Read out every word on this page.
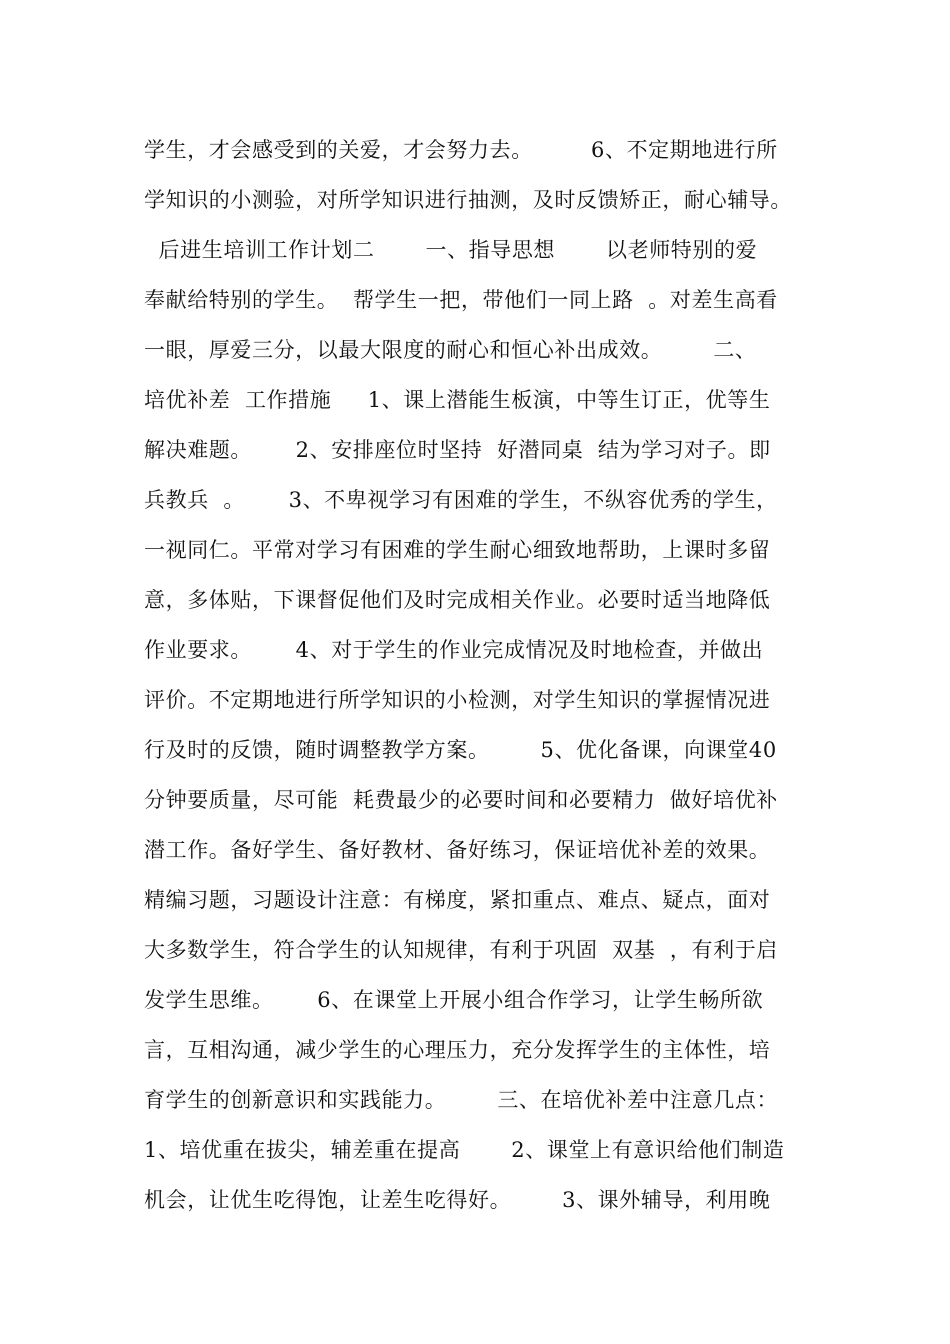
学生，才会感受到的关爱，才会努力去。        6、不定期地进行所
学知识的小测验，对所学知识进行抽测，及时反馈矫正，耐心辅导。
后进生培训工作计划二       一、指导思想       以老师特别的爱
奉献给特别的学生。  帮学生一把，带他们一同上路  。对差生高看
一眼，厚爱三分，以最大限度的耐心和恒心补出成效。       二、
培优补差  工作措施     1、课上潜能生板演，中等生订正，优等生
解决难题。      2、安排座位时坚持  好潜同桌  结为学习对子。即
兵教兵  。      3、不卑视学习有困难的学生，不纵容优秀的学生，
一视同仁。平常对学习有困难的学生耐心细致地帮助，上课时多留
意，多体贴，下课督促他们及时完成相关作业。必要时适当地降低
作业要求。      4、对于学生的作业完成情况及时地检查，并做出
评价。不定期地进行所学知识的小检测，对学生知识的掌握情况进
行及时的反馈，随时调整教学方案。       5、优化备课，向课堂40
分钟要质量，尽可能  耗费最少的必要时间和必要精力  做好培优补
潜工作。备好学生、备好教材、备好练习，保证培优补差的效果。
精编习题，习题设计注意：有梯度，紧扣重点、难点、疑点，面对
大多数学生，符合学生的认知规律，有利于巩固  双基  ，有利于启
发学生思维。      6、在课堂上开展小组合作学习，让学生畅所欲
言，互相沟通，减少学生的心理压力，充分发挥学生的主体性，培
育学生的创新意识和实践能力。       三、在培优补差中注意几点：
1、培优重在拔尖，辅差重在提高       2、课堂上有意识给他们制造
机会，让优生吃得饱，让差生吃得好。       3、课外辅导，利用晚
